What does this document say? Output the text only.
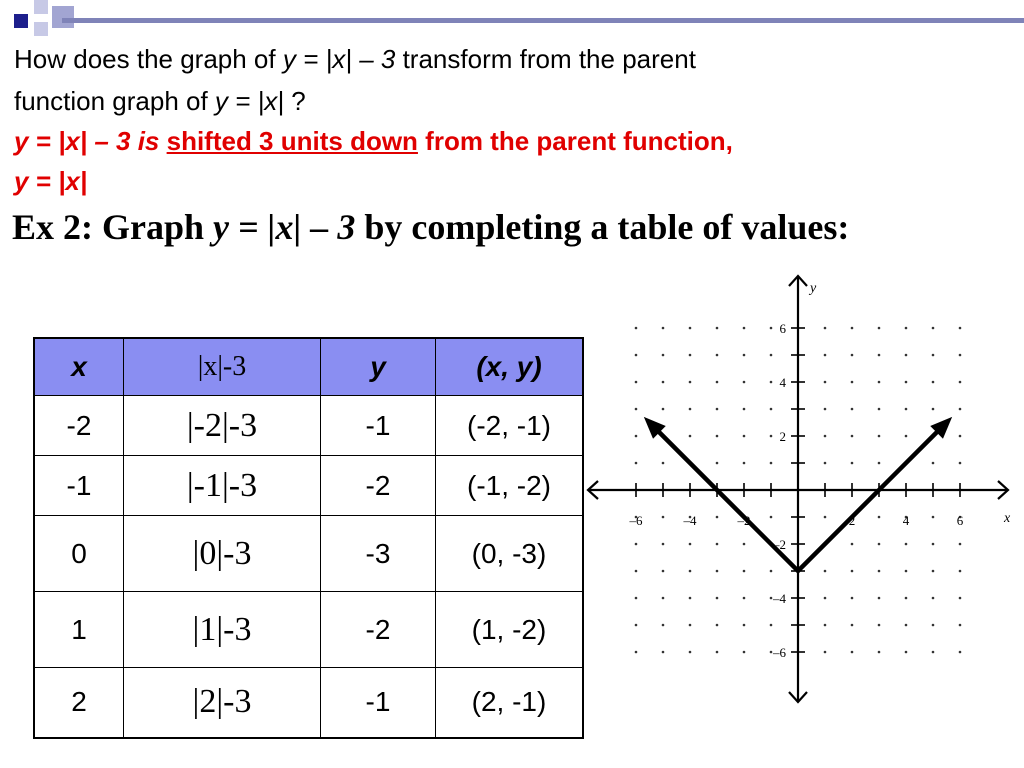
How does the graph of y = |x| – 3 transform from the parent
function graph of y = |x| ?
y = |x| – 3 is shifted 3 units down from the parent function,
y = |x|
Ex 2: Graph y = |x| – 3 by completing a table of values:
x	|x|-3	y	(x, y)
-2	|-2|-3	-1	(-2, -1)
-1	|-1|-3	-2	(-1, -2)
0	|0|-3	-3	(0, -3)
1	|1|-3	-2	(1, -2)
2	|2|-3	-1	(2, -1)
–6	–4	–2	2	4	6
6
4
2
–2
–4
–6
x
y
